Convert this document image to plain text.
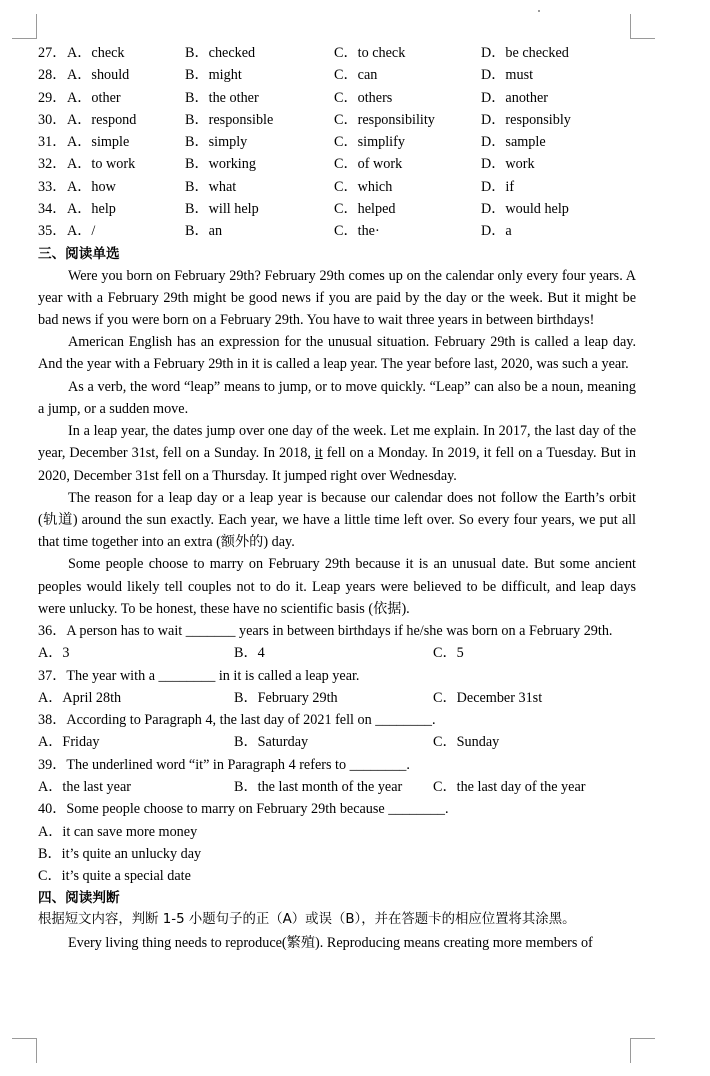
27． A．check	B．checked	C．to check	D．be checked
28． A．should	B．might	C．can	D．must
29． A．other	B．the other	C．others	D．another
30． A．respond	B．responsible	C．responsibility	D．responsibly
31． A．simple	B．simply	C．simplify	D．sample
32． A．to work	B．working	C．of work	D．work
33． A．how	B．what	C．which	D．if
34． A．help	B．will help	C．helped	D．would help
35． A．/	B．an	C．the·	D．a
三、阅读单选

Were you born on February 29th? February 29th comes up on the calendar only every four years. A year with a February 29th might be good news if you are paid by the day or the week. But it might be bad news if you were born on a February 29th. You have to wait three years in between birthdays!

American English has an expression for the unusual situation. February 29th is called a leap day. And the year with a February 29th in it is called a leap year. The year before last, 2020, was such a year.

As a verb, the word “leap” means to jump, or to move quickly. “Leap” can also be a noun, meaning a jump, or a sudden move.

In a leap year, the dates jump over one day of the week. Let me explain. In 2017, the last day of the year, December 31st, fell on a Sunday. In 2018, it fell on a Monday. In 2019, it fell on a Tuesday. But in 2020, December 31st fell on a Thursday. It jumped right over Wednesday.

The reason for a leap day or a leap year is because our calendar does not follow the Earth’s orbit (轨道) around the sun exactly. Each year, we have a little time left over. So every four years, we put all that time together into an extra (额外的) day.

Some people choose to marry on February 29th because it is an unusual date. But some ancient peoples would likely tell couples not to do it. Leap years were believed to be difficult, and leap days were unlucky. To be honest, these have no scientific basis (依据).

36．A person has to wait _______ years in between birthdays if he/she was born on a February 29th.

A．3	B．4	C．5

37．The year with a ________ in it is called a leap year.

A．April 28th	B．February 29th	C．December 31st

38．According to Paragraph 4, the last day of 2021 fell on ________.

A．Friday	B．Saturday	C．Sunday

39．The underlined word “it” in Paragraph 4 refers to ________.

A．the last year	B．the last month of the year C．the last day of the year

40．Some people choose to marry on February 29th because ________.

A．it can save more money
B．it’s quite an unlucky day
C．it’s quite a special date
四、阅读判断
根据短文内容，判断 1-5 小题句子的正（A）或误（B），并在答题卡的相应位置将其涂黑。

Every living thing needs to reproduce(繁殖). Reproducing means creating more members of
